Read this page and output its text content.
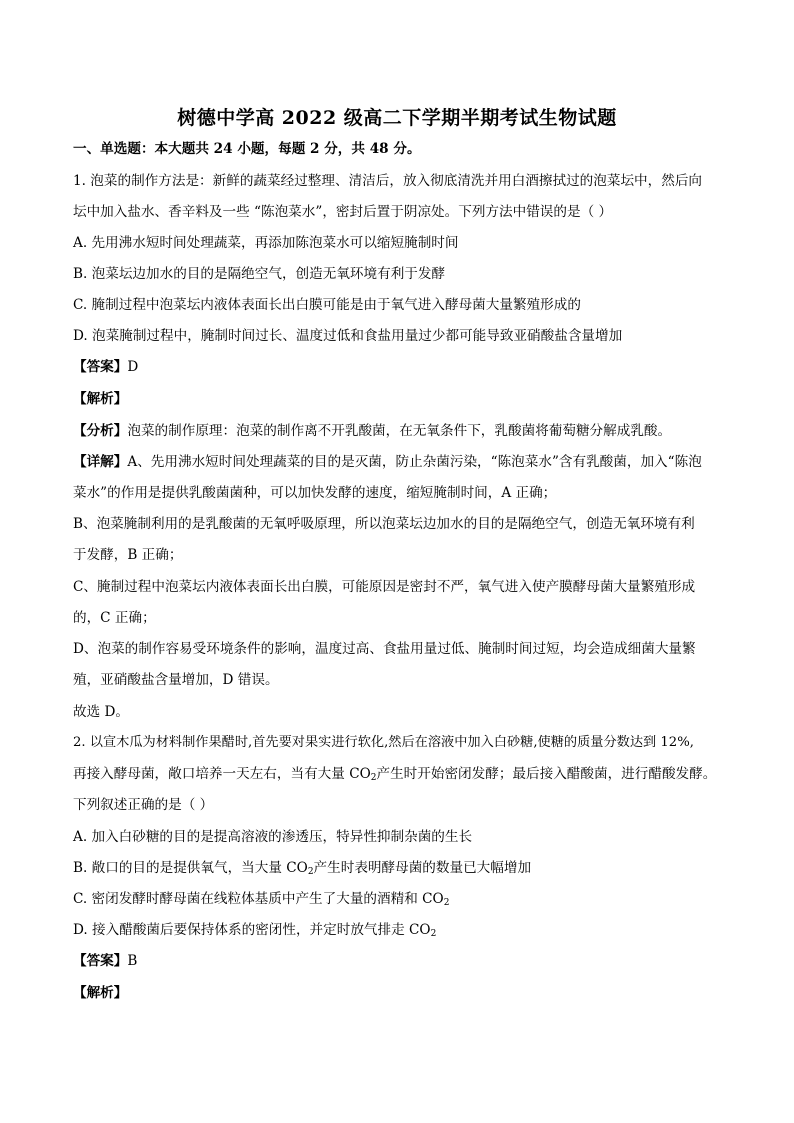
树德中学高 2022 级高二下学期半期考试生物试题
一、单选题：本大题共 24 小题，每题 2 分，共 48 分。
1. 泡菜的制作方法是：新鲜的蔬菜经过整理、清洁后，放入彻底清洗并用白酒擦拭过的泡菜坛中，然后向
坛中加入盐水、香辛料及一些 “陈泡菜水”，密封后置于阴凉处。下列方法中错误的是（ ）
A. 先用沸水短时间处理蔬菜，再添加陈泡菜水可以缩短腌制时间
B. 泡菜坛边加水的目的是隔绝空气，创造无氧环境有利于发酵
C. 腌制过程中泡菜坛内液体表面长出白膜可能是由于氧气进入酵母菌大量繁殖形成的
D. 泡菜腌制过程中，腌制时间过长、温度过低和食盐用量过少都可能导致亚硝酸盐含量增加
【答案】D
【解析】
【分析】泡菜的制作原理：泡菜的制作离不开乳酸菌，在无氧条件下，乳酸菌将葡萄糖分解成乳酸。
【详解】A、先用沸水短时间处理蔬菜的目的是灭菌，防止杂菌污染，“陈泡菜水”含有乳酸菌，加入“陈泡
菜水”的作用是提供乳酸菌菌种，可以加快发酵的速度，缩短腌制时间，A 正确；
B、泡菜腌制利用的是乳酸菌的无氧呼吸原理，所以泡菜坛边加水的目的是隔绝空气，创造无氧环境有利
于发酵，B 正确；
C、腌制过程中泡菜坛内液体表面长出白膜，可能原因是密封不严，氧气进入使产膜酵母菌大量繁殖形成
的，C 正确；
D、泡菜的制作容易受环境条件的影响，温度过高、食盐用量过低、腌制时间过短，均会造成细菌大量繁
殖，亚硝酸盐含量增加，D 错误。
故选 D。
2. 以宣木瓜为材料制作果醋时,首先要对果实进行软化,然后在溶液中加入白砂糖,使糖的质量分数达到 12%,
再接入酵母菌，敞口培养一天左右，当有大量 $CO_2$产生时开始密闭发酵；最后接入醋酸菌，进行醋酸发酵。
下列叙述正确的是（ ）
A. 加入白砂糖的目的是提高溶液的渗透压，特异性抑制杂菌的生长
B. 敞口的目的是提供氧气，当大量 $CO_2$产生时表明酵母菌的数量已大幅增加
C. 密闭发酵时酵母菌在线粒体基质中产生了大量的酒精和 $CO_2$
D. 接入醋酸菌后要保持体系的密闭性，并定时放气排走 $CO_2$
【答案】B
【解析】
